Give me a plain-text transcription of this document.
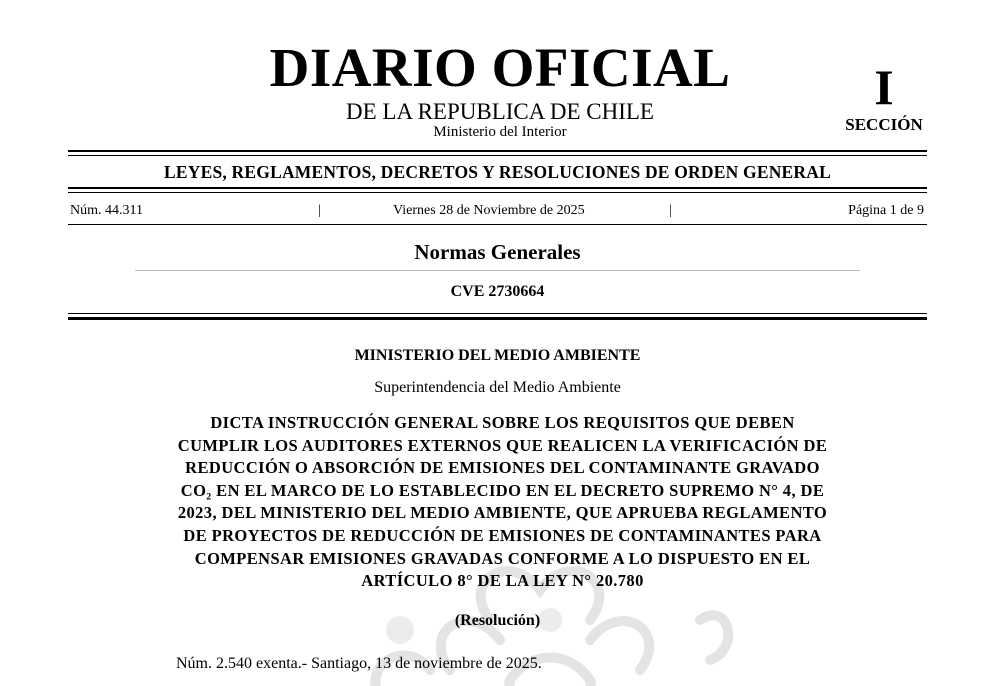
DIARIO OFICIAL
DE LA REPUBLICA DE CHILE
Ministerio del Interior
I
SECCIÓN
LEYES, REGLAMENTOS, DECRETOS Y RESOLUCIONES DE ORDEN GENERAL
Núm. 44.311	|	Viernes 28 de Noviembre de 2025	|	Página 1 de 9
Normas Generales
CVE 2730664
MINISTERIO DEL MEDIO AMBIENTE
Superintendencia del Medio Ambiente
DICTA INSTRUCCIÓN GENERAL SOBRE LOS REQUISITOS QUE DEBEN
CUMPLIR LOS AUDITORES EXTERNOS QUE REALICEN LA VERIFICACIÓN DE
REDUCCIÓN O ABSORCIÓN DE EMISIONES DEL CONTAMINANTE GRAVADO
CO₂ EN EL MARCO DE LO ESTABLECIDO EN EL DECRETO SUPREMO N° 4, DE
2023, DEL MINISTERIO DEL MEDIO AMBIENTE, QUE APRUEBA REGLAMENTO
DE PROYECTOS DE REDUCCIÓN DE EMISIONES DE CONTAMINANTES PARA
COMPENSAR EMISIONES GRAVADAS CONFORME A LO DISPUESTO EN EL
ARTÍCULO 8° DE LA LEY N° 20.780
(Resolución)
Núm. 2.540 exenta.- Santiago, 13 de noviembre de 2025.
